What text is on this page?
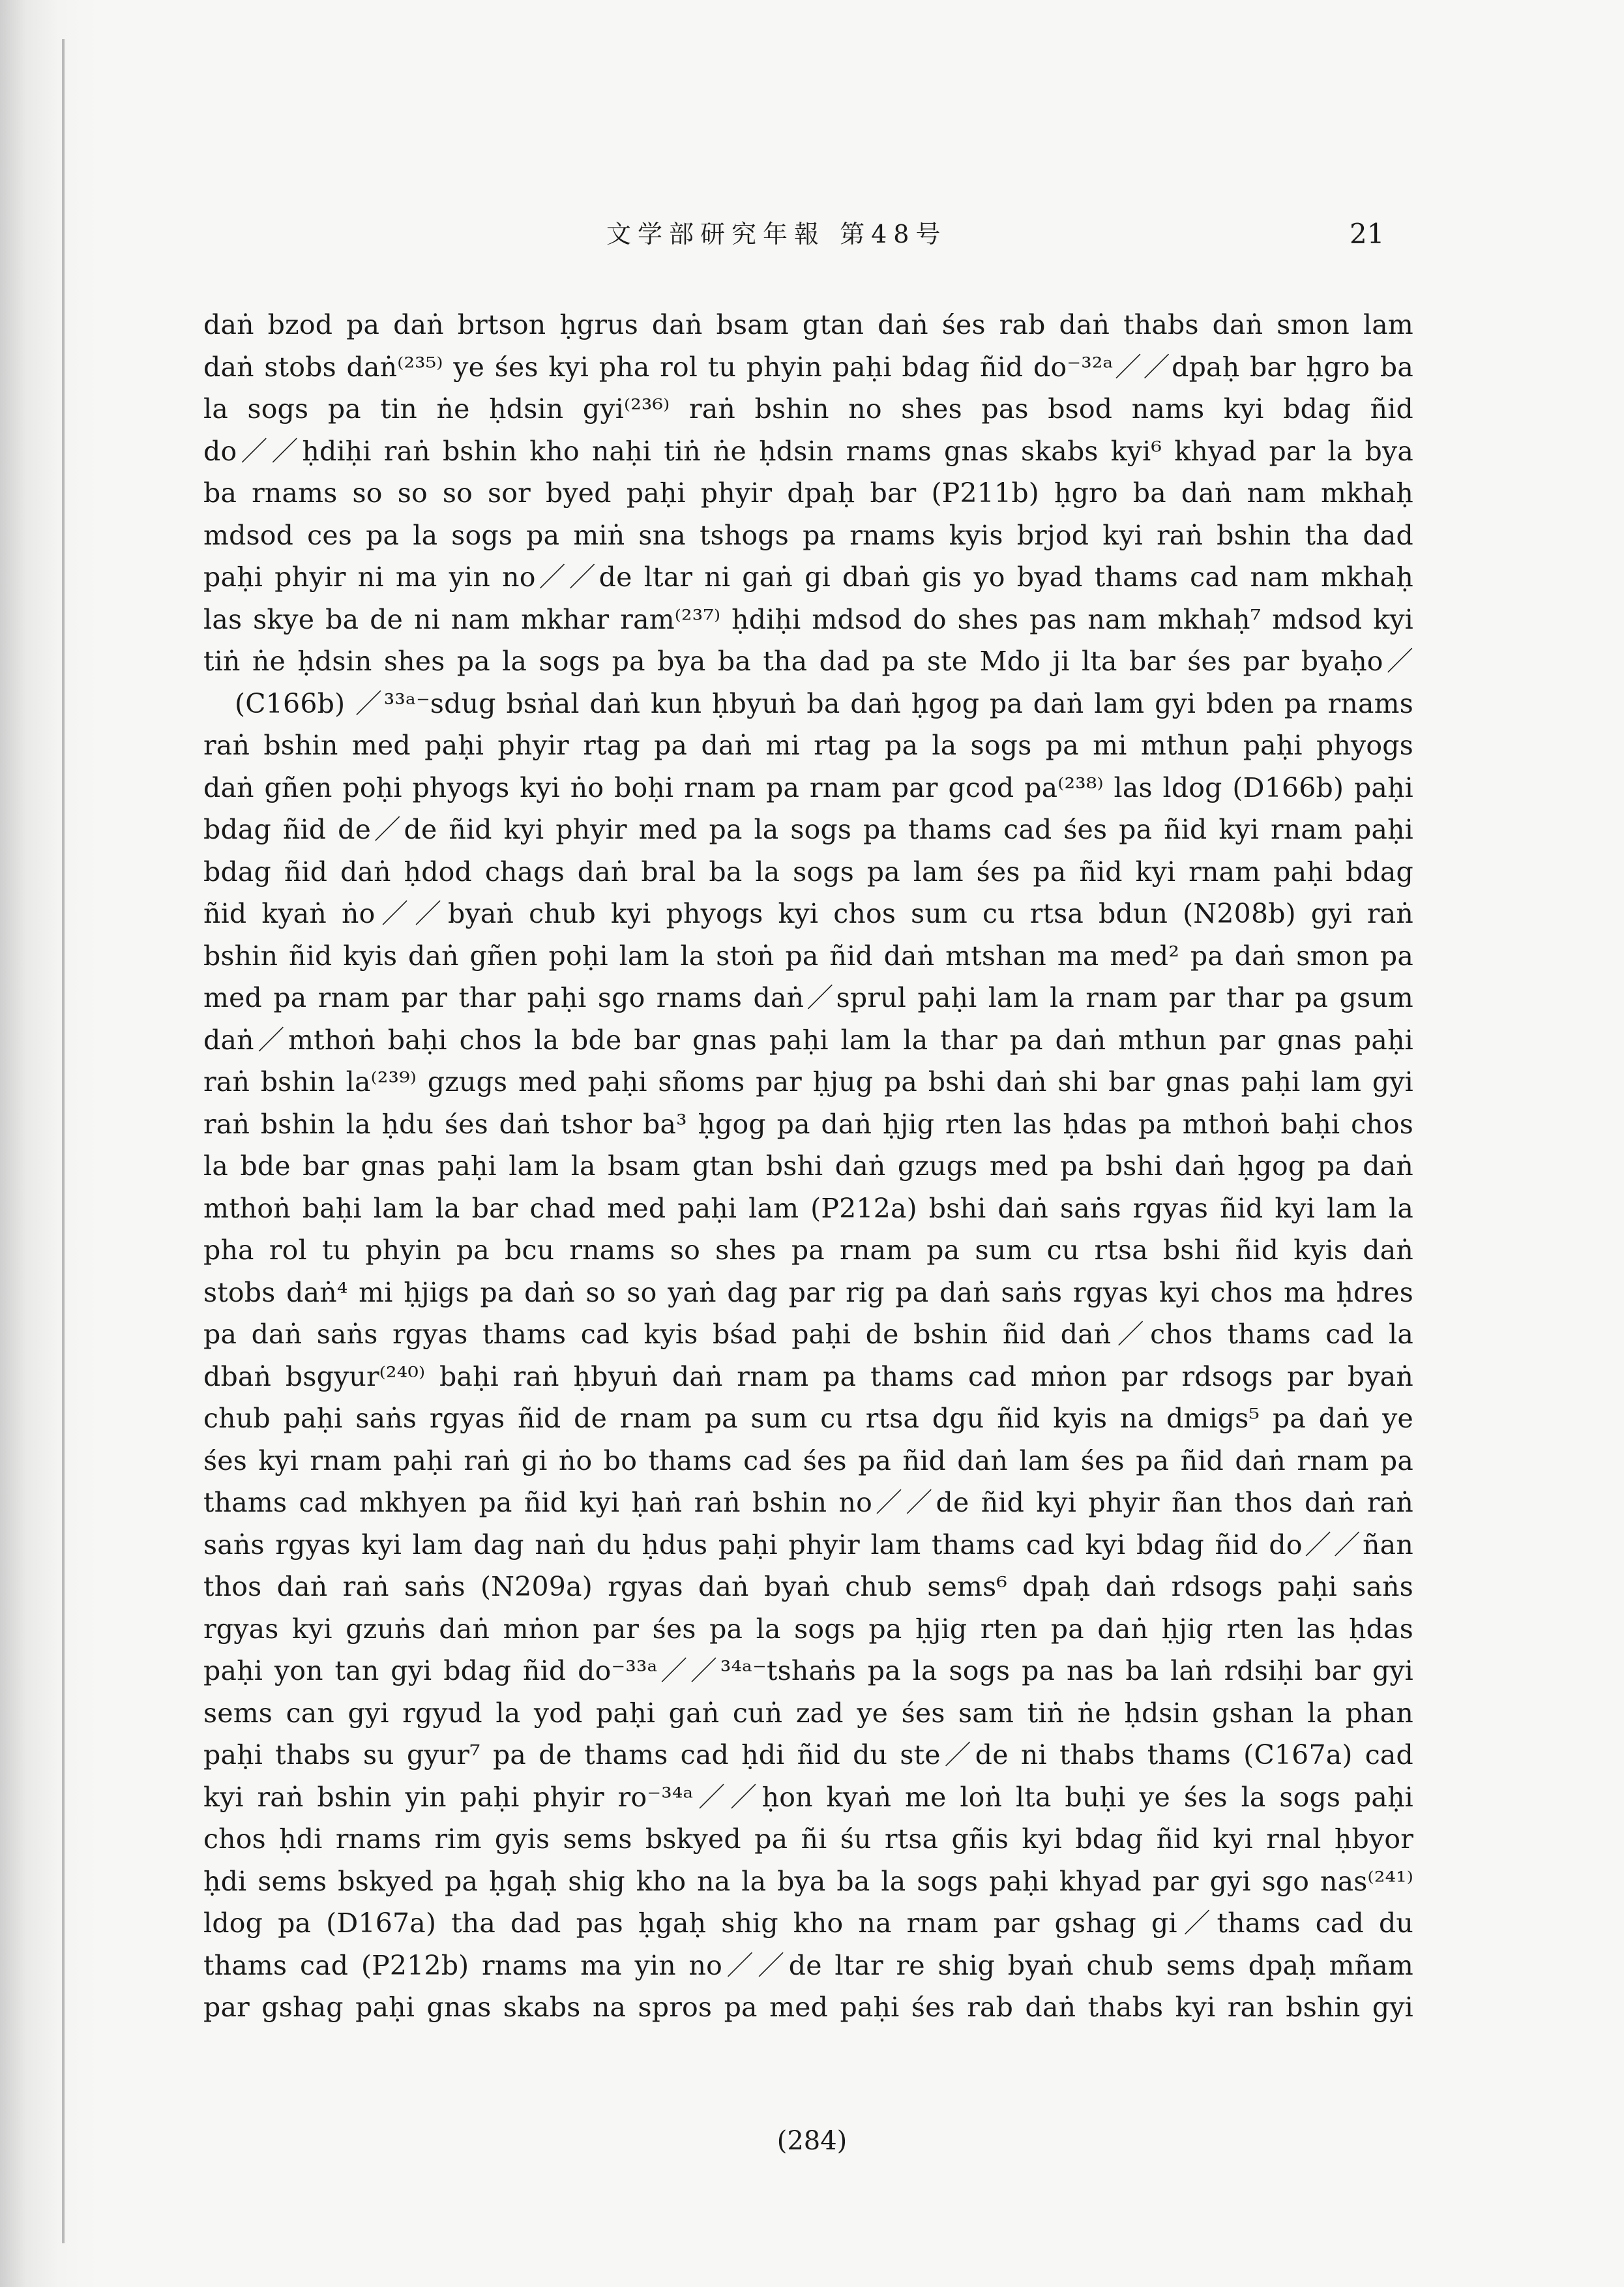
文学部研究年報 第48号	21
daṅ bzod pa daṅ brtson ḥgrus daṅ bsam gtan daṅ śes rab daṅ thabs daṅ smon lam
daṅ stobs daṅ⁽²³⁵⁾ ye śes kyi pha rol tu phyin paḥi bdag ñid do⁻³²ᵃ／／dpaḥ bar ḥgro ba
la sogs pa tin ṅe ḥdsin gyi⁽²³⁶⁾ raṅ bshin no shes pas bsod nams kyi bdag ñid
do／／ḥdiḥi raṅ bshin kho naḥi tiṅ ṅe ḥdsin rnams gnas skabs kyi⁶ khyad par la bya
ba rnams so so so sor byed paḥi phyir dpaḥ bar (P211b) ḥgro ba daṅ nam mkhaḥ
mdsod ces pa la sogs pa miṅ sna tshogs pa rnams kyis brjod kyi raṅ bshin tha dad
paḥi phyir ni ma yin no／／de ltar ni gaṅ gi dbaṅ gis yo byad thams cad nam mkhaḥ
las skye ba de ni nam mkhar ram⁽²³⁷⁾ ḥdiḥi mdsod do shes pas nam mkhaḥ⁷ mdsod kyi
tiṅ ṅe ḥdsin shes pa la sogs pa bya ba tha dad pa ste Mdo ji lta bar śes par byaḥo／
(C166b) ／³³ᵃ⁻sdug bsṅal daṅ kun ḥbyuṅ ba daṅ ḥgog pa daṅ lam gyi bden pa rnams
raṅ bshin med paḥi phyir rtag pa daṅ mi rtag pa la sogs pa mi mthun paḥi phyogs
daṅ gñen poḥi phyogs kyi ṅo boḥi rnam pa rnam par gcod pa⁽²³⁸⁾ las ldog (D166b) paḥi
bdag ñid de／de ñid kyi phyir med pa la sogs pa thams cad śes pa ñid kyi rnam paḥi
bdag ñid daṅ ḥdod chags daṅ bral ba la sogs pa lam śes pa ñid kyi rnam paḥi bdag
ñid kyaṅ ṅo／／byaṅ chub kyi phyogs kyi chos sum cu rtsa bdun (N208b) gyi raṅ
bshin ñid kyis daṅ gñen poḥi lam la stoṅ pa ñid daṅ mtshan ma med² pa daṅ smon pa
med pa rnam par thar paḥi sgo rnams daṅ／sprul paḥi lam la rnam par thar pa gsum
daṅ／mthoṅ baḥi chos la bde bar gnas paḥi lam la thar pa daṅ mthun par gnas paḥi
raṅ bshin la⁽²³⁹⁾ gzugs med paḥi sñoms par ḥjug pa bshi daṅ shi bar gnas paḥi lam gyi
raṅ bshin la ḥdu śes daṅ tshor ba³ ḥgog pa daṅ ḥjig rten las ḥdas pa mthoṅ baḥi chos
la bde bar gnas paḥi lam la bsam gtan bshi daṅ gzugs med pa bshi daṅ ḥgog pa daṅ
mthoṅ baḥi lam la bar chad med paḥi lam (P212a) bshi daṅ saṅs rgyas ñid kyi lam la
pha rol tu phyin pa bcu rnams so shes pa rnam pa sum cu rtsa bshi ñid kyis daṅ
stobs daṅ⁴ mi ḥjigs pa daṅ so so yaṅ dag par rig pa daṅ saṅs rgyas kyi chos ma ḥdres
pa daṅ saṅs rgyas thams cad kyis bśad paḥi de bshin ñid daṅ／chos thams cad la
dbaṅ bsgyur⁽²⁴⁰⁾ baḥi raṅ ḥbyuṅ daṅ rnam pa thams cad mṅon par rdsogs par byaṅ
chub paḥi saṅs rgyas ñid de rnam pa sum cu rtsa dgu ñid kyis na dmigs⁵ pa daṅ ye
śes kyi rnam paḥi raṅ gi ṅo bo thams cad śes pa ñid daṅ lam śes pa ñid daṅ rnam pa
thams cad mkhyen pa ñid kyi ḥaṅ raṅ bshin no／／de ñid kyi phyir ñan thos daṅ raṅ
saṅs rgyas kyi lam dag naṅ du ḥdus paḥi phyir lam thams cad kyi bdag ñid do／／ñan
thos daṅ raṅ saṅs (N209a) rgyas daṅ byaṅ chub sems⁶ dpaḥ daṅ rdsogs paḥi saṅs
rgyas kyi gzuṅs daṅ mṅon par śes pa la sogs pa ḥjig rten pa daṅ ḥjig rten las ḥdas
paḥi yon tan gyi bdag ñid do⁻³³ᵃ／／³⁴ᵃ⁻tshaṅs pa la sogs pa nas ba laṅ rdsiḥi bar gyi
sems can gyi rgyud la yod paḥi gaṅ cuṅ zad ye śes sam tiṅ ṅe ḥdsin gshan la phan
paḥi thabs su gyur⁷ pa de thams cad ḥdi ñid du ste／de ni thabs thams (C167a) cad
kyi raṅ bshin yin paḥi phyir ro⁻³⁴ᵃ／／ḥon kyaṅ me loṅ lta buḥi ye śes la sogs paḥi
chos ḥdi rnams rim gyis sems bskyed pa ñi śu rtsa gñis kyi bdag ñid kyi rnal ḥbyor
ḥdi sems bskyed pa ḥgaḥ shig kho na la bya ba la sogs paḥi khyad par gyi sgo nas⁽²⁴¹⁾
ldog pa (D167a) tha dad pas ḥgaḥ shig kho na rnam par gshag gi／thams cad du
thams cad (P212b) rnams ma yin no／／de ltar re shig byaṅ chub sems dpaḥ mñam
par gshag paḥi gnas skabs na spros pa med paḥi śes rab daṅ thabs kyi ran bshin gyi
(284)
